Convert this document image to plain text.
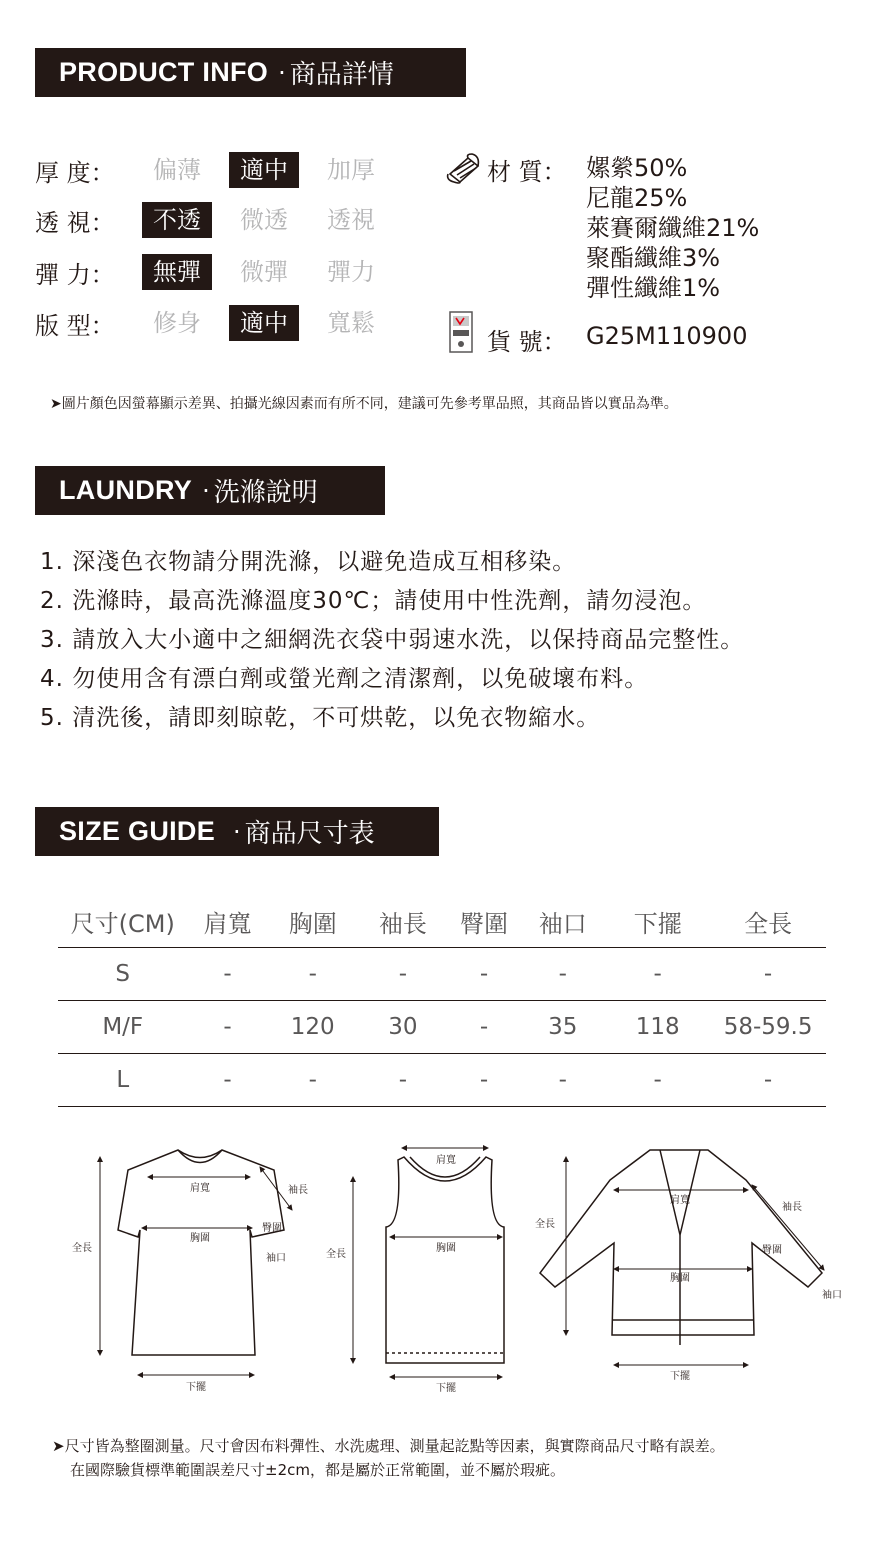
PRODUCT INFO · 商品詳情
厚 度：	偏薄	適中	加厚
透 視：	不透	微透	透視
彈 力：	無彈	微彈	彈力
版 型：	修身	適中	寬鬆
材 質： 嫘縈50%
尼龍25%
萊賽爾纖維21%
聚酯纖維3%
彈性纖維1%
貨 號： G25M110900
➤圖片顏色因螢幕顯示差異、拍攝光線因素而有所不同，建議可先參考單品照，其商品皆以實品為準。
LAUNDRY · 洗滌說明
1. 深淺色衣物請分開洗滌，以避免造成互相移染。
2. 洗滌時，最高洗滌溫度30℃；請使用中性洗劑，請勿浸泡。
3. 請放入大小適中之細網洗衣袋中弱速水洗，以保持商品完整性。
4. 勿使用含有漂白劑或螢光劑之清潔劑，以免破壞布料。
5. 清洗後，請即刻晾乾，不可烘乾，以免衣物縮水。
SIZE GUIDE · 商品尺寸表
尺寸(CM)	肩寬	胸圍	袖長	臀圍	袖口	下擺	全長
S	-	-	-	-	-	-	-
M/F	-	120	30	-	35	118	58-59.5
L	-	-	-	-	-	-	-
肩寬
胸圍
袖長
臀圍
袖口
全長
下擺
肩寬
胸圍
全長
下擺
肩寬
胸圍
袖長
臀圍
袖口
全長
下擺
➤尺寸皆為整圈測量。尺寸會因布料彈性、水洗處理、測量起訖點等因素，與實際商品尺寸略有誤差。
在國際驗貨標準範圍誤差尺寸±2cm，都是屬於正常範圍，並不屬於瑕疵。
